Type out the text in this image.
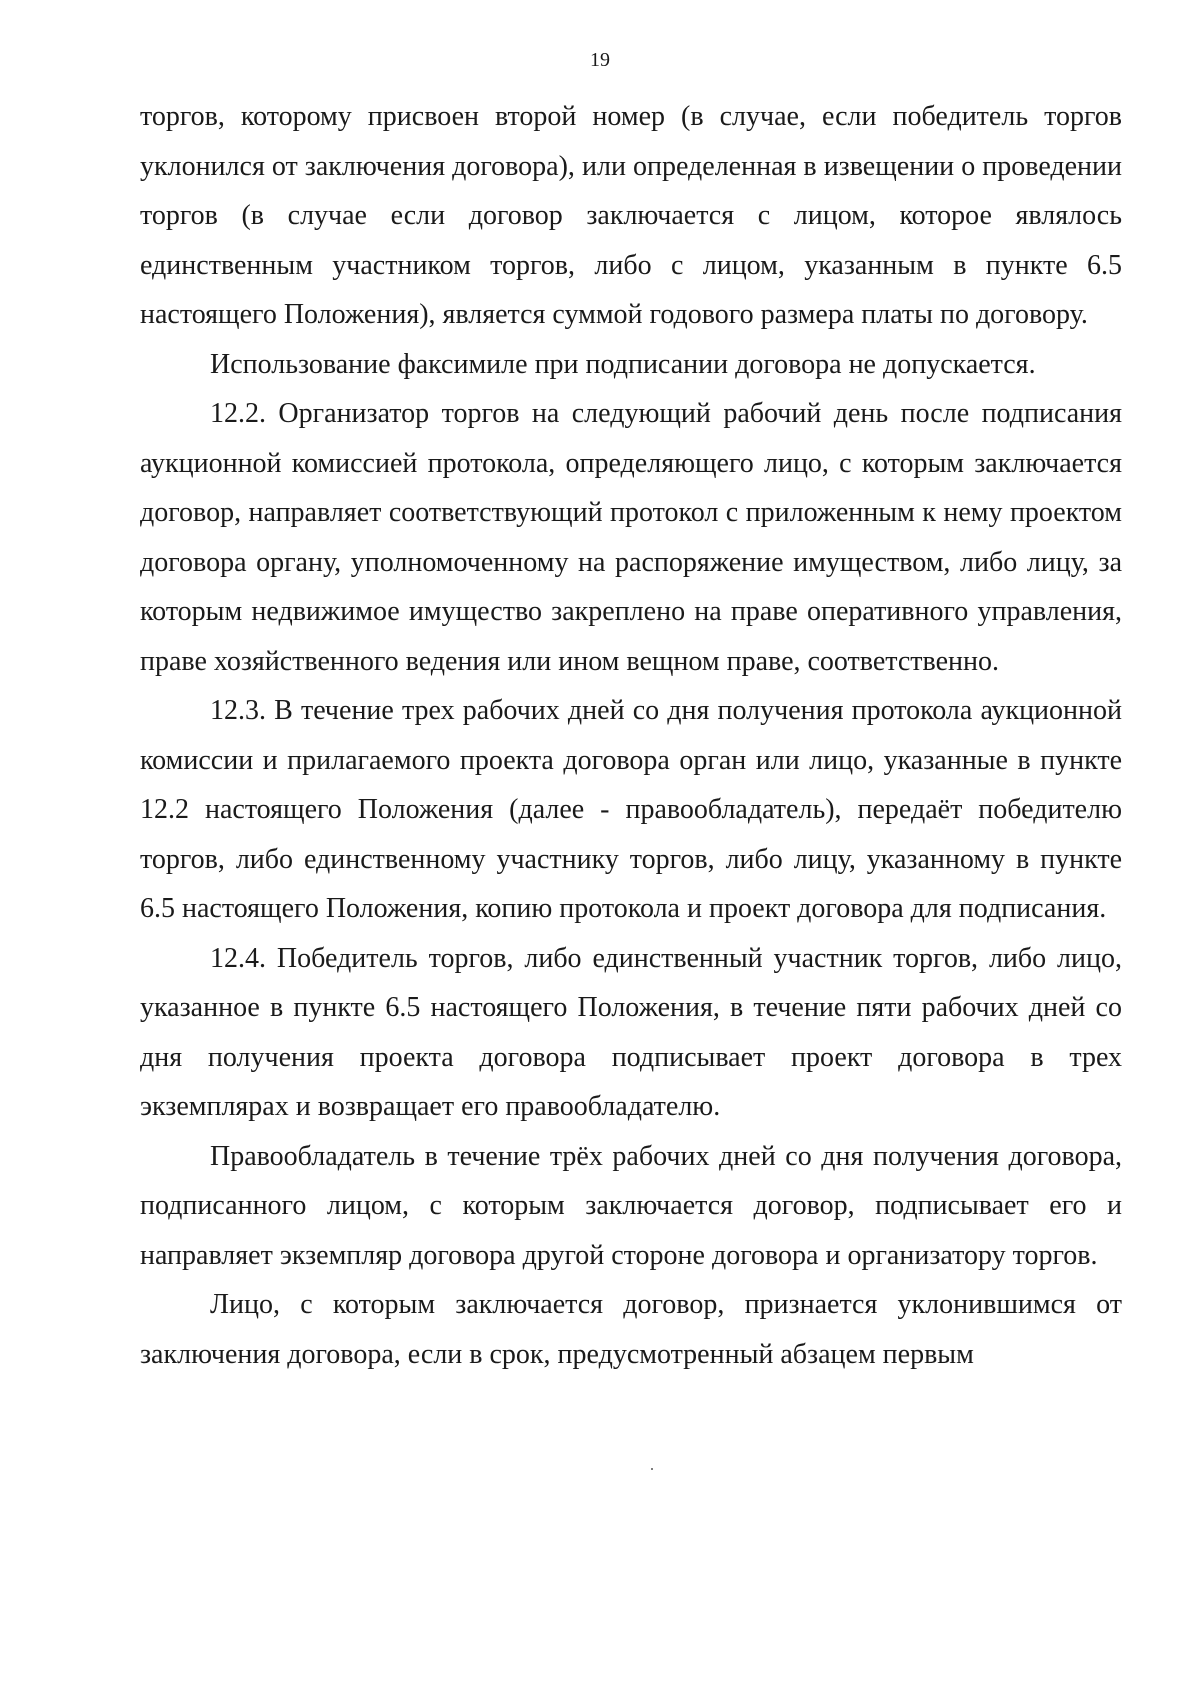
19

торгов, которому присвоен второй номер (в случае, если победитель торгов уклонился от заключения договора), или определенная в извещении о проведении торгов (в случае если договор заключается с лицом, которое являлось единственным участником торгов, либо с лицом, указанным в пункте 6.5 настоящего Положения), является суммой годового размера платы по договору.

Использование факсимиле при подписании договора не допускается.

12.2. Организатор торгов на следующий рабочий день после подписания аукционной комиссией протокола, определяющего лицо, с которым заключается договор, направляет соответствующий протокол с приложенным к нему проектом договора органу, уполномоченному на распоряжение имуществом, либо лицу, за которым недвижимое имущество закреплено на праве оперативного управления, праве хозяйственного ведения или ином вещном праве, соответственно.

12.3. В течение трех рабочих дней со дня получения протокола аукционной комиссии и прилагаемого проекта договора орган или лицо, указанные в пункте 12.2 настоящего Положения (далее - правообладатель), передаёт победителю торгов, либо единственному участнику торгов, либо лицу, указанному в пункте 6.5 настоящего Положения, копию протокола и проект договора для подписания.

12.4. Победитель торгов, либо единственный участник торгов, либо лицо, указанное в пункте 6.5 настоящего Положения, в течение пяти рабочих дней со дня получения проекта договора подписывает проект договора в трех экземплярах и возвращает его правообладателю.

Правообладатель в течение трёх рабочих дней со дня получения договора, подписанного лицом, с которым заключается договор, подписывает его и направляет экземпляр договора другой стороне договора и организатору торгов.

Лицо, с которым заключается договор, признается уклонившимся от заключения договора, если в срок, предусмотренный абзацем первым
